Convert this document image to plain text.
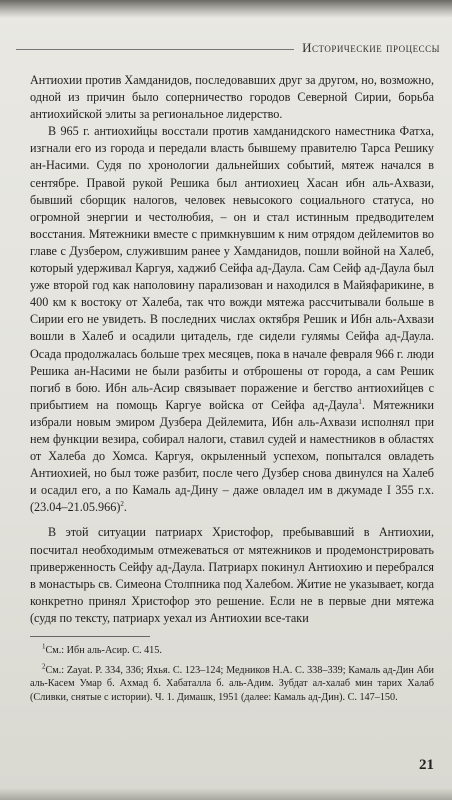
Исторические процессы

Антиохии против Хамданидов, последовавших друг за другом, но, возможно, одной из причин было соперничество городов Северной Сирии, борьба антиохийской элиты за региональное лидерство.

В 965 г. антиохийцы восстали против хамданидского наместника Фатха, изгнали его из города и передали власть бывшему правителю Тарса Решику ан-Насими. Судя по хронологии дальнейших событий, мятеж начался в сентябре. Правой рукой Решика был антиохиец Хасан ибн аль-Ахвази, бывший сборщик налогов, человек невысокого социального статуса, но огромной энергии и честолюбия, – он и стал истинным предводителем восстания. Мятежники вместе с примкнувшим к ним отрядом дейлемитов во главе с Дузбером, служившим ранее у Хамданидов, пошли войной на Халеб, который удерживал Каргуя, хаджиб Сейфа ад-Даула. Сам Сейф ад-Даула был уже второй год как наполовину парализован и находился в Майяфарикине, в 400 км к востоку от Халеба, так что вожди мятежа рассчитывали больше в Сирии его не увидеть. В последних числах октября Решик и Ибн аль-Ахвази вошли в Халеб и осадили цитадель, где сидели гулямы Сейфа ад-Даула. Осада продолжалась больше трех месяцев, пока в начале февраля 966 г. люди Решика ан-Насими не были разбиты и отброшены от города, а сам Решик погиб в бою. Ибн аль-Асир связывает поражение и бегство антиохийцев с прибытием на помощь Каргуе войска от Сейфа ад-Даула$^1$. Мятежники избрали новым эмиром Дузбера Дейлемита, Ибн аль-Ахвази исполнял при нем функции везира, собирал налоги, ставил судей и наместников в областях от Халеба до Хомса. Каргуя, окрыленный успехом, попытался овладеть Антиохией, но был тоже разбит, после чего Дузбер снова двинулся на Халеб и осадил его, а по Камаль ад-Дину – даже овладел им в джумаде I 355 г.х. $(23.04-21.05.966)^2$.

В этой ситуации патриарх Христофор, пребывавший в Антиохии, посчитал необходимым отмежеваться от мятежников и продемонстрировать приверженность Сейфу ад-Даула. Патриарх покинул Антиохию и перебрался в монастырь св. Симеона Столпника под Халебом. Житие не указывает, когда конкретно принял Христофор это решение. Если не в первые дни мятежа (судя по тексту, патриарх уехал из Антиохии все-таки

$^1$См.: Ибн аль-Асир. С. 415.

$^2$См.: Zayat. P. 334, 336; Яхья. С. 123–124; Медников Н.А. С. 338–339; Камаль ад-Дин Аби аль-Касем Умар б. Ахмад б. Хабаталла б. аль-Адим. Зубдат ал-халаб мин тарих Халаб (Сливки, снятые с истории). Ч. 1. Димашк, 1951 (далее: Камаль ад-Дин). С. 147–150.

21
